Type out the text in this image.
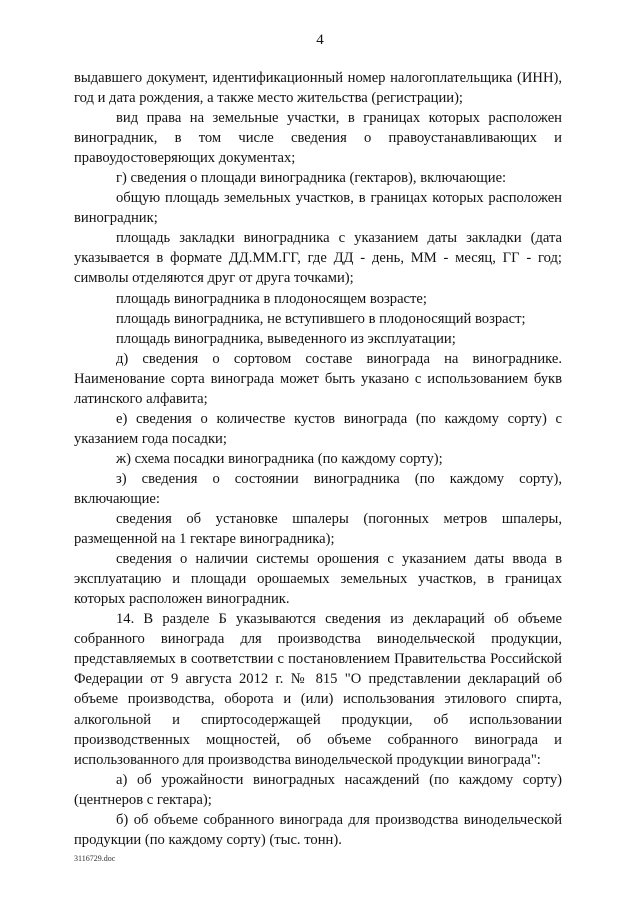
4

выдавшего документ, идентификационный номер налогоплательщика (ИНН), год и дата рождения, а также место жительства (регистрации);

вид права на земельные участки, в границах которых расположен виноградник, в том числе сведения о правоустанавливающих и правоудостоверяющих документах;

г) сведения о площади виноградника (гектаров), включающие:

общую площадь земельных участков, в границах которых расположен виноградник;

площадь закладки виноградника с указанием даты закладки (дата указывается в формате ДД.ММ.ГГ, где ДД - день, ММ - месяц, ГГ - год; символы отделяются друг от друга точками);

площадь виноградника в плодоносящем возрасте;

площадь виноградника, не вступившего в плодоносящий возраст;

площадь виноградника, выведенного из эксплуатации;

д) сведения о сортовом составе винограда на винограднике. Наименование сорта винограда может быть указано с использованием букв латинского алфавита;

е) сведения о количестве кустов винограда (по каждому сорту) с указанием года посадки;

ж) схема посадки виноградника (по каждому сорту);

з) сведения о состоянии виноградника (по каждому сорту), включающие:

сведения об установке шпалеры (погонных метров шпалеры, размещенной на 1 гектаре виноградника);

сведения о наличии системы орошения с указанием даты ввода в эксплуатацию и площади орошаемых земельных участков, в границах которых расположен виноградник.

14. В разделе Б указываются сведения из деклараций об объеме собранного винограда для производства винодельческой продукции, представляемых в соответствии с постановлением Правительства Российской Федерации от 9 августа 2012 г. № 815 "О представлении деклараций об объеме производства, оборота и (или) использования этилового спирта, алкогольной и спиртосодержащей продукции, об использовании производственных мощностей, об объеме собранного винограда и использованного для производства винодельческой продукции винограда":

а) об урожайности виноградных насаждений (по каждому сорту) (центнеров с гектара);

б) об объеме собранного винограда для производства винодельческой продукции (по каждому сорту) (тыс. тонн).

3116729.doc
